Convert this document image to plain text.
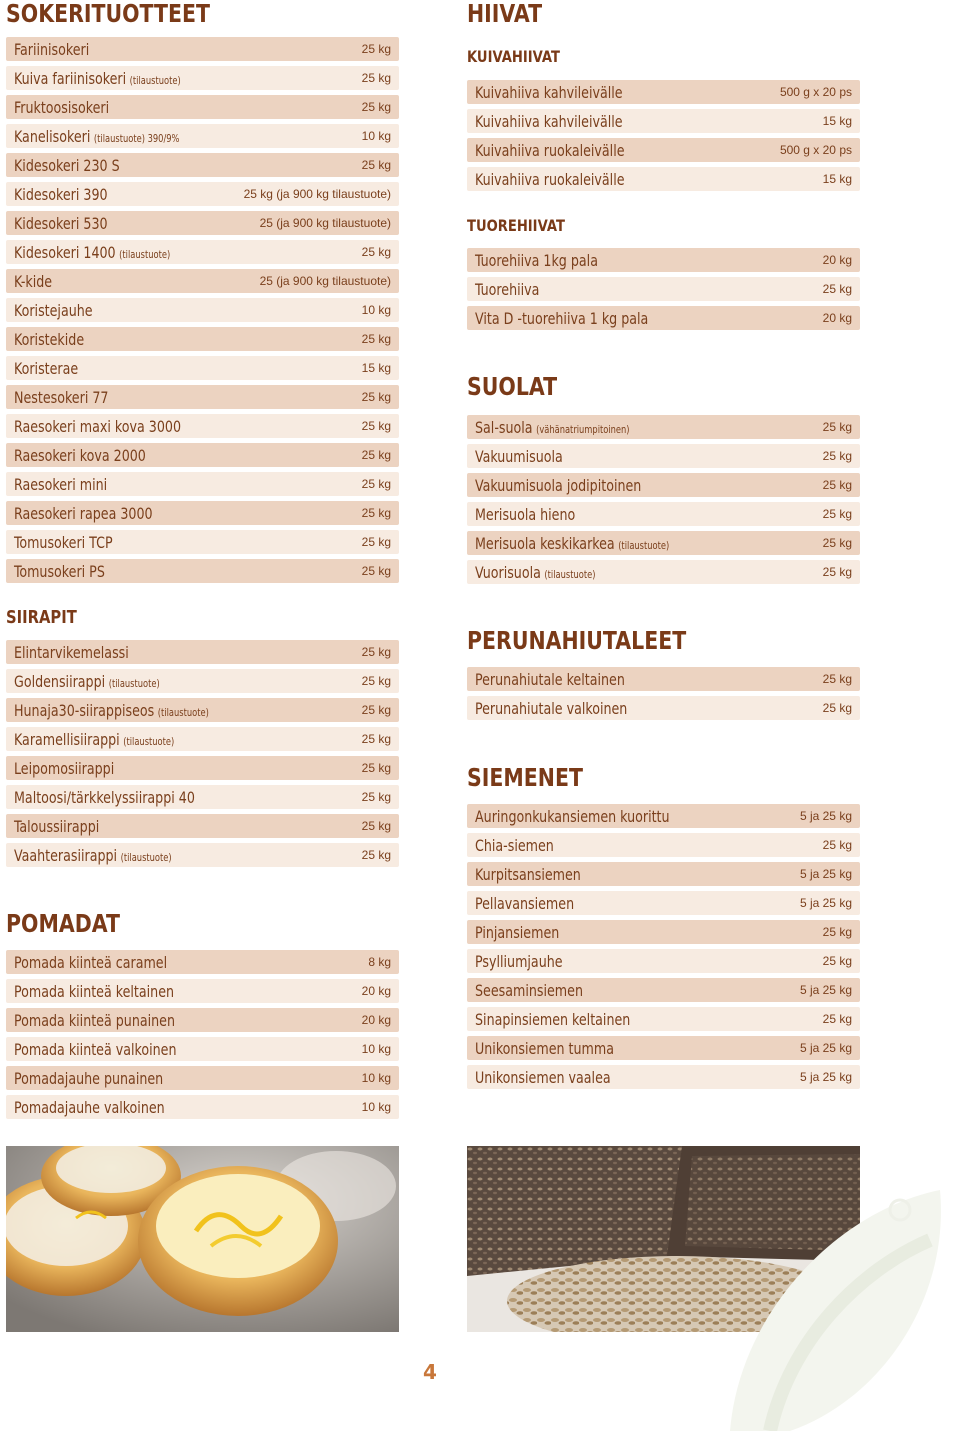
SOKERITUOTTEET
Fariinisokeri	25 kg
Kuiva fariinisokeri (tilaustuote)	25 kg
Fruktoosisokeri	25 kg
Kanelisokeri (tilaustuote) 390/9%	10 kg
Kidesokeri 230 S	25 kg
Kidesokeri 390	25 kg (ja 900 kg tilaustuote)
Kidesokeri 530	25 (ja 900 kg tilaustuote)
Kidesokeri 1400 (tilaustuote)	25 kg
K-kide	25 (ja 900 kg tilaustuote)
Koristejauhe	10 kg
Koristekide	25 kg
Koristerae	15 kg
Nestesokeri 77	25 kg
Raesokeri maxi kova 3000	25 kg
Raesokeri kova 2000	25 kg
Raesokeri mini	25 kg
Raesokeri rapea 3000	25 kg
Tomusokeri TCP	25 kg
Tomusokeri PS	25 kg
SIIRAPIT
Elintarvikemelassi	25 kg
Goldensiirappi (tilaustuote)	25 kg
Hunaja30-siirappiseos (tilaustuote)	25 kg
Karamellisiirappi (tilaustuote)	25 kg
Leipomosiirappi	25 kg
Maltoosi/tärkkelyssiirappi 40	25 kg
Taloussiirappi	25 kg
Vaahterasiirappi (tilaustuote)	25 kg
POMADAT
Pomada kiinteä caramel	8 kg
Pomada kiinteä keltainen	20 kg
Pomada kiinteä punainen	20 kg
Pomada kiinteä valkoinen	10 kg
Pomadajauhe punainen	10 kg
Pomadajauhe valkoinen	10 kg
HIIVAT
KUIVAHIIVAT
Kuivahiiva kahvileivälle	500 g x 20 ps
Kuivahiiva kahvileivälle	15 kg
Kuivahiiva ruokaleivälle	500 g x 20 ps
Kuivahiiva ruokaleivälle	15 kg
TUOREHIIVAT
Tuorehiiva 1kg pala	20 kg
Tuorehiiva	25 kg
Vita D -tuorehiiva 1 kg pala	20 kg
SUOLAT
Sal-suola (vähänatriumpitoinen)	25 kg
Vakuumisuola	25 kg
Vakuumisuola jodipitoinen	25 kg
Merisuola hieno	25 kg
Merisuola keskikarkea (tilaustuote)	25 kg
Vuorisuola (tilaustuote)	25 kg
PERUNAHIUTALEET
Perunahiutale keltainen	25 kg
Perunahiutale valkoinen	25 kg
SIEMENET
Auringonkukansiemen kuorittu	5 ja 25 kg
Chia-siemen	25 kg
Kurpitsansiemen	5 ja 25 kg
Pellavansiemen	5 ja 25 kg
Pinjansiemen	25 kg
Psylliumjauhe	25 kg
Seesaminsiemen	5 ja 25 kg
Sinapinsiemen keltainen	25 kg
Unikonsiemen tumma	5 ja 25 kg
Unikonsiemen vaalea	5 ja 25 kg
4
